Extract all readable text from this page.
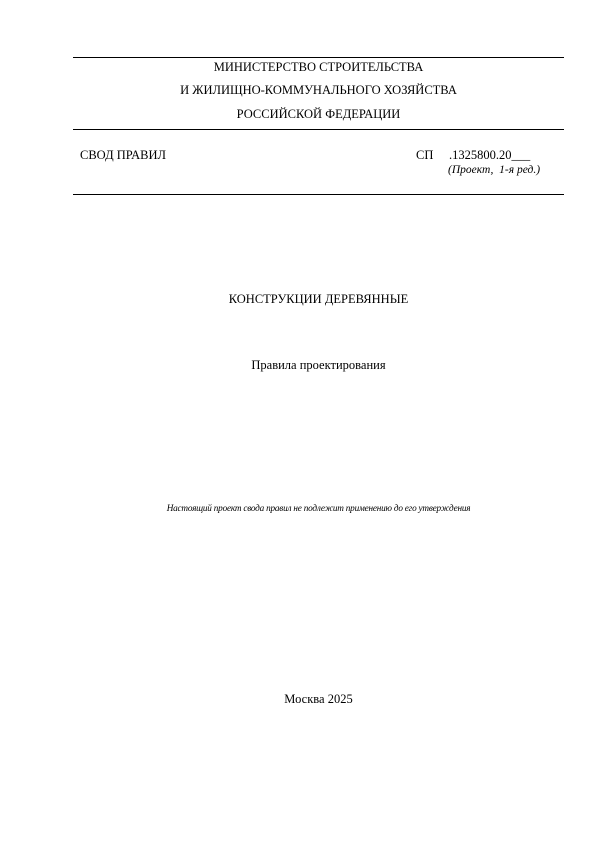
МИНИСТЕРСТВО СТРОИТЕЛЬСТВА
И ЖИЛИЩНО-КОММУНАЛЬНОГО ХОЗЯЙСТВА
РОССИЙСКОЙ ФЕДЕРАЦИИ
СВОД ПРАВИЛ	СП     .1325800.20___
(Проект,  1-я ред.)
КОНСТРУКЦИИ ДЕРЕВЯННЫЕ
Правила проектирования
Настоящий проект свода правил не подлежит применению до его утверждения
Москва 2025
